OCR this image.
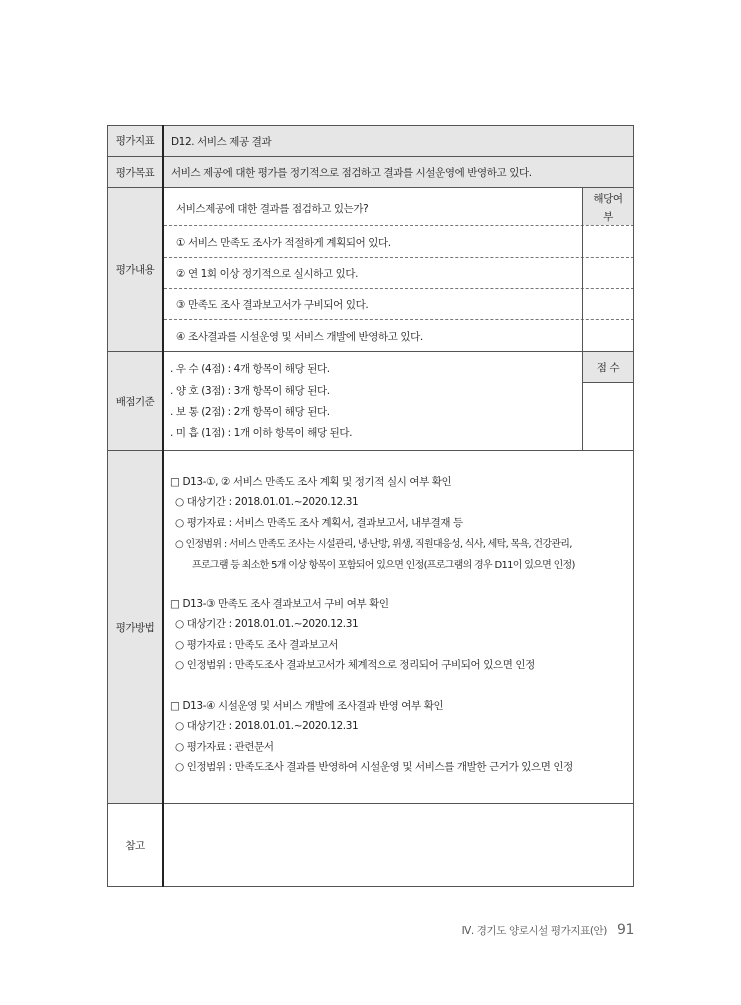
평가지표
평가목표
평가내용
배점기준
평가방법
참고
D12. 서비스 제공 결과
서비스 제공에 대한 평가를 정기적으로 점검하고 결과를 시설운영에 반영하고 있다.
서비스제공에 대한 결과를 점검하고 있는가?
해당여
부
① 서비스 만족도 조사가 적절하게 계획되어 있다.
② 연 1회 이상 정기적으로 실시하고 있다.
③ 만족도 조사 결과보고서가 구비되어 있다.
④ 조사결과를 시설운영 및 서비스 개발에 반영하고 있다.
. 우 수 (4점) : 4개 항목이 해당 된다.
. 양 호 (3점) : 3개 항목이 해당 된다.
. 보 통 (2점) : 2개 항목이 해당 된다.
. 미 흡 (1점) : 1개 이하 항목이 해당 된다.
점 수
□ D13-①, ② 서비스 만족도 조사 계획 및 정기적 실시 여부 확인
○ 대상기간 : 2018.01.01.~2020.12.31
○ 평가자료 : 서비스 만족도 조사 계획서, 결과보고서, 내부결재 등
○ 인정범위 : 서비스 만족도 조사는 시설관리, 냉·난방, 위생, 직원대응성, 식사, 세탁, 목욕, 건강관리,
프로그램 등 최소한 5개 이상 항목이 포함되어 있으면 인정(프로그램의 경우 D11이 있으면 인정)
□ D13-③ 만족도 조사 결과보고서 구비 여부 확인
○ 대상기간 : 2018.01.01.~2020.12.31
○ 평가자료 : 만족도 조사 결과보고서
○ 인정범위 : 만족도조사 결과보고서가 체계적으로 정리되어 구비되어 있으면 인정
□ D13-④ 시설운영 및 서비스 개발에 조사결과 반영 여부 확인
○ 대상기간 : 2018.01.01.~2020.12.31
○ 평가자료 : 관련문서
○ 인정범위 : 만족도조사 결과를 반영하여 시설운영 및 서비스를 개발한 근거가 있으면 인정
Ⅳ. 경기도 양로시설 평가지표(안) 91
